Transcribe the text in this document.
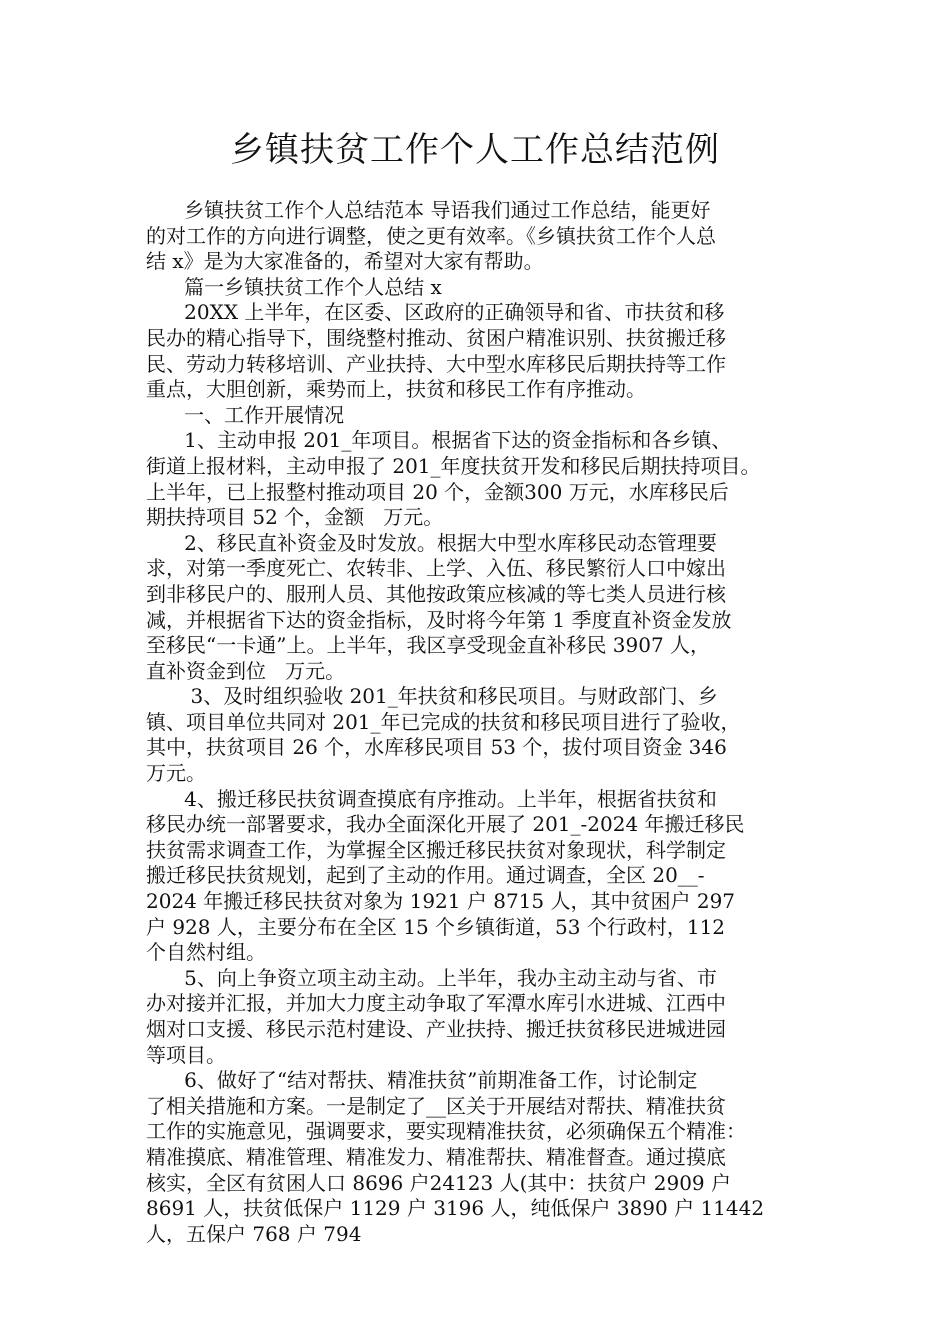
乡镇扶贫工作个人工作总结范例
乡镇扶贫工作个人总结范本 导语我们通过工作总结，能更好
的对工作的方向进行调整，使之更有效率。《乡镇扶贫工作个人总
结 x》是为大家准备的，希望对大家有帮助。
篇一乡镇扶贫工作个人总结 x
20XX 上半年，在区委、区政府的正确领导和省、市扶贫和移
民办的精心指导下，围绕整村推动、贫困户精准识别、扶贫搬迁移
民、劳动力转移培训、产业扶持、大中型水库移民后期扶持等工作
重点，大胆创新，乘势而上，扶贫和移民工作有序推动。
一、工作开展情况
1、主动申报 201_年项目。根据省下达的资金指标和各乡镇、
街道上报材料，主动申报了 201_年度扶贫开发和移民后期扶持项目。
上半年，已上报整村推动项目 20 个，金额300 万元，水库移民后
期扶持项目 52 个，金额   万元。
2、移民直补资金及时发放。根据大中型水库移民动态管理要
求，对第一季度死亡、农转非、上学、入伍、移民繁衍人口中嫁出
到非移民户的、服刑人员、其他按政策应核减的等七类人员进行核
减，并根据省下达的资金指标，及时将今年第 1 季度直补资金发放
至移民“一卡通”上。上半年，我区享受现金直补移民 3907 人，
直补资金到位   万元。
3、及时组织验收 201_年扶贫和移民项目。与财政部门、乡
镇、项目单位共同对 201_年已完成的扶贫和移民项目进行了验收，
其中，扶贫项目 26 个，水库移民项目 53 个，拔付项目资金 346
万元。
4、搬迁移民扶贫调查摸底有序推动。上半年，根据省扶贫和
移民办统一部署要求，我办全面深化开展了 201_-2024 年搬迁移民
扶贫需求调查工作，为掌握全区搬迁移民扶贫对象现状，科学制定
搬迁移民扶贫规划，起到了主动的作用。通过调查，全区 20__-
2024 年搬迁移民扶贫对象为 1921 户 8715 人，其中贫困户 297
户 928 人，主要分布在全区 15 个乡镇街道，53 个行政村，112
个自然村组。
5、向上争资立项主动主动。上半年，我办主动主动与省、市
办对接并汇报，并加大力度主动争取了军潭水库引水进城、江西中
烟对口支援、移民示范村建设、产业扶持、搬迁扶贫移民进城进园
等项目。
6、做好了“结对帮扶、精准扶贫”前期准备工作，讨论制定
了相关措施和方案。一是制定了__区关于开展结对帮扶、精准扶贫
工作的实施意见，强调要求，要实现精准扶贫，必须确保五个精准：
精准摸底、精准管理、精准发力、精准帮扶、精准督查。通过摸底
核实，全区有贫困人口 8696 户24123 人(其中：扶贫户 2909 户
8691 人，扶贫低保户 1129 户 3196 人，纯低保户 3890 户 11442
人，五保户 768 户 794
